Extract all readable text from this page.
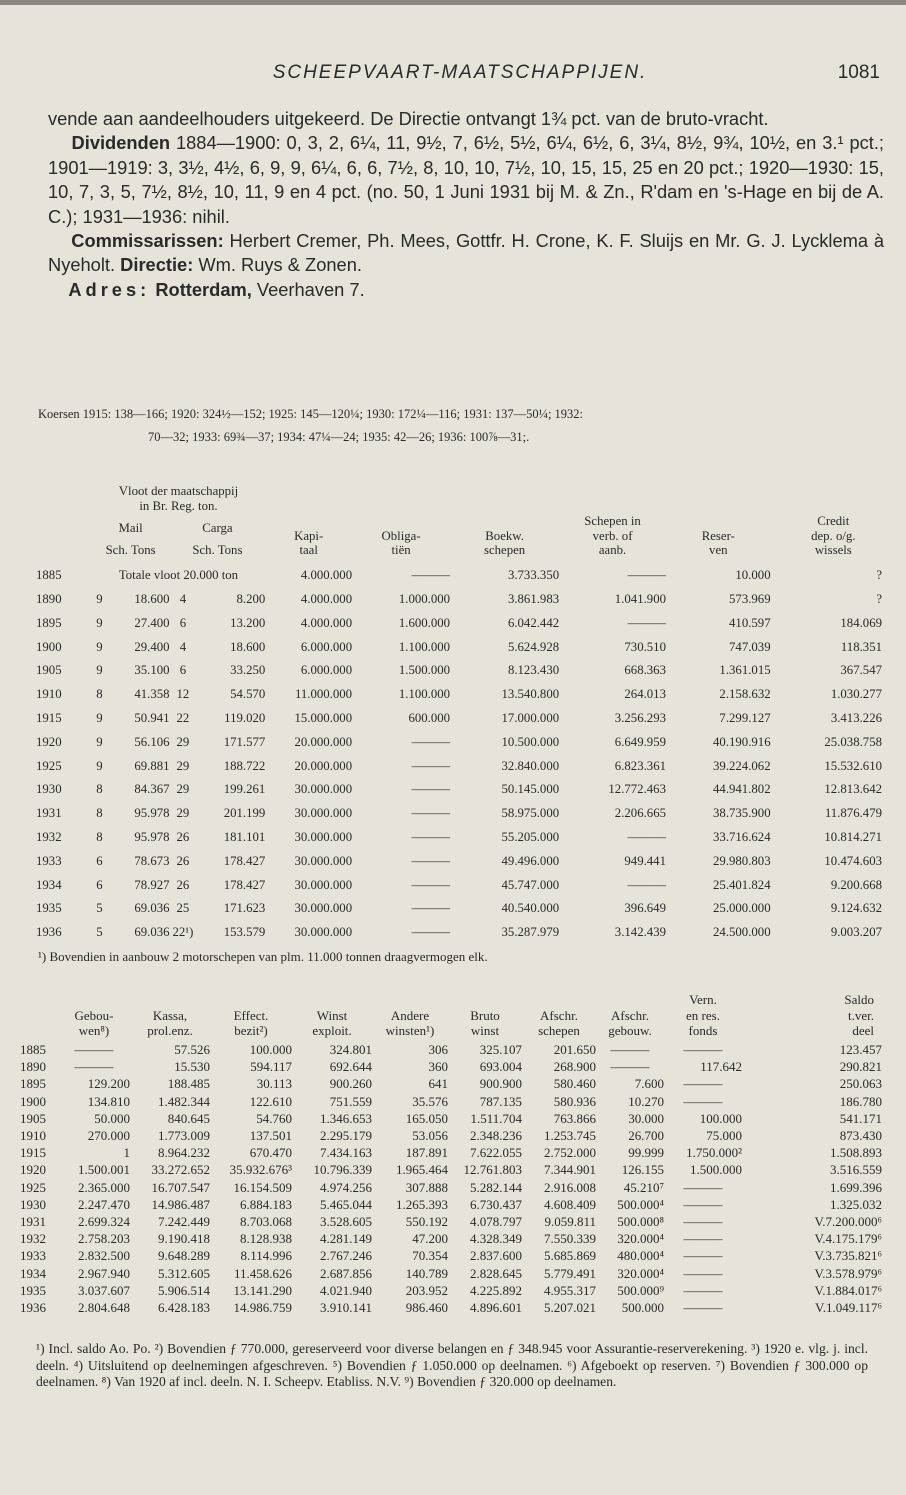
SCHEEPVAART-MAATSCHAPPIJEN.	1081

vende aan aandeelhouders uitgekeerd. De Directie ontvangt 1¾ pct. van de bruto-vracht.

Dividenden 1884—1900: 0, 3, 2, 6¼, 11, 9½, 7, 6½, 5½, 6¼, 6½, 6, 3¼, 8½, 9¾, 10½, en 3.¹ pct.; 1901—1919: 3, 3½, 4½, 6, 9, 9, 6¼, 6, 6, 7½, 8, 10, 10, 7½, 10, 15, 15, 25 en 20 pct.; 1920—1930: 15, 10, 7, 3, 5, 7½, 8½, 10, 11, 9 en 4 pct. (no. 50, 1 Juni 1931 bij M. & Zn., R'dam en 's-Hage en bij de A. C.); 1931—1936: nihil.

Commissarissen: Herbert Cremer, Ph. Mees, Gottfr. H. Crone, K. F. Sluijs en Mr. G. J. Lycklema à Nyeholt. Directie: Wm. Ruys & Zonen.

Adres: Rotterdam, Veerhaven 7.

Koersen 1915: 138—166; 1920: 324½—152; 1925: 145—120¼; 1930: 172¼—116; 1931: 137—50¼; 1932:
70—32; 1933: 69¾—37; 1934: 47¼—24; 1935: 42—26; 1936: 100⅞—31;.
	Vloot der maatschappij
in Br. Reg. ton.									
	Mail		Carga		Kapi-
taal	Obliga-
tiën	Boekw.
schepen	Schepen in
verb. of
aanb.	Reser-
ven	Credit
dep. o/g.
wissels
	Sch. Tons		Sch. Tons							

1885	Totale vloot 20.000 ton				4.000.000	———	3.733.350	———	10.000	?
1890	9	18.600	4	8.200	4.000.000	1.000.000	3.861.983	1.041.900	573.969	?
1895	9	27.400	6	13.200	4.000.000	1.600.000	6.042.442	———	410.597	184.069
1900	9	29.400	4	18.600	6.000.000	1.100.000	5.624.928	730.510	747.039	118.351
1905	9	35.100	6	33.250	6.000.000	1.500.000	8.123.430	668.363	1.361.015	367.547
1910	8	41.358	12	54.570	11.000.000	1.100.000	13.540.800	264.013	2.158.632	1.030.277
1915	9	50.941	22	119.020	15.000.000	600.000	17.000.000	3.256.293	7.299.127	3.413.226
1920	9	56.106	29	171.577	20.000.000	———	10.500.000	6.649.959	40.190.916	25.038.758
1925	9	69.881	29	188.722	20.000.000	———	32.840.000	6.823.361	39.224.062	15.532.610
1930	8	84.367	29	199.261	30.000.000	———	50.145.000	12.772.463	44.941.802	12.813.642
1931	8	95.978	29	201.199	30.000.000	———	58.975.000	2.206.665	38.735.900	11.876.479
1932	8	95.978	26	181.101	30.000.000	———	55.205.000	———	33.716.624	10.814.271
1933	6	78.673	26	178.427	30.000.000	———	49.496.000	949.441	29.980.803	10.474.603
1934	6	78.927	26	178.427	30.000.000	———	45.747.000	———	25.401.824	9.200.668
1935	5	69.036	25	171.623	30.000.000	———	40.540.000	396.649	25.000.000	9.124.632
1936	5	69.036	22¹)	153.579	30.000.000	———	35.287.979	3.142.439	24.500.000	9.003.207
¹) Bovendien in aanbouw 2 motorschepen van plm. 11.000 tonnen draagvermogen elk.
	Gebou-
wen⁸)	Kassa,
prol.enz.	Effect.
bezit²)	Winst
exploit.	Andere
winsten¹)	Bruto
winst	Afschr.
schepen	Afschr.
gebouw.	Vern.
en res.
fonds	Saldo
t.ver.
deel

1885	———	57.526	100.000	324.801	306	325.107	201.650	———	———	123.457
1890	———	15.530	594.117	692.644	360	693.004	268.900	———	117.642	290.821
1895	129.200	188.485	30.113	900.260	641	900.900	580.460	7.600	———	250.063
1900	134.810	1.482.344	122.610	751.559	35.576	787.135	580.936	10.270	———	186.780
1905	50.000	840.645	54.760	1.346.653	165.050	1.511.704	763.866	30.000	100.000	541.171
1910	270.000	1.773.009	137.501	2.295.179	53.056	2.348.236	1.253.745	26.700	75.000	873.430
1915	1	8.964.232	670.470	7.434.163	187.891	7.622.055	2.752.000	99.999	1.750.000²	1.508.893
1920	1.500.001	33.272.652	35.932.676³	10.796.339	1.965.464	12.761.803	7.344.901	126.155	1.500.000	3.516.559
1925	2.365.000	16.707.547	16.154.509	4.974.256	307.888	5.282.144	2.916.008	45.210⁷	———	1.699.396
1930	2.247.470	14.986.487	6.884.183	5.465.044	1.265.393	6.730.437	4.608.409	500.000⁴	———	1.325.032
1931	2.699.324	7.242.449	8.703.068	3.528.605	550.192	4.078.797	9.059.811	500.000⁸	———	V.7.200.000⁶
1932	2.758.203	9.190.418	8.128.938	4.281.149	47.200	4.328.349	7.550.339	320.000⁴	———	V.4.175.179⁶
1933	2.832.500	9.648.289	8.114.996	2.767.246	70.354	2.837.600	5.685.869	480.000⁴	———	V.3.735.821⁶
1934	2.967.940	5.312.605	11.458.626	2.687.856	140.789	2.828.645	5.779.491	320.000⁴	———	V.3.578.979⁶
1935	3.037.607	5.906.514	13.141.290	4.021.940	203.952	4.225.892	4.955.317	500.000⁹	———	V.1.884.017⁶
1936	2.804.648	6.428.183	14.986.759	3.910.141	986.460	4.896.601	5.207.021	500.000	———	V.1.049.117⁶
¹) Incl. saldo Ao. Po. ²) Bovendien ƒ 770.000, gereserveerd voor diverse belangen en ƒ 348.945 voor Assurantie-reserverekening. ³) 1920 e. vlg. j. incl. deeln. ⁴) Uitsluitend op deelnemingen afgeschreven. ⁵) Bovendien ƒ 1.050.000 op deelnamen. ⁶) Afgeboekt op reserven. ⁷) Bovendien ƒ 300.000 op deelnamen. ⁸) Van 1920 af incl. deeln. N. I. Scheepv. Etabliss. N.V. ⁹) Bovendien ƒ 320.000 op deelnamen.
